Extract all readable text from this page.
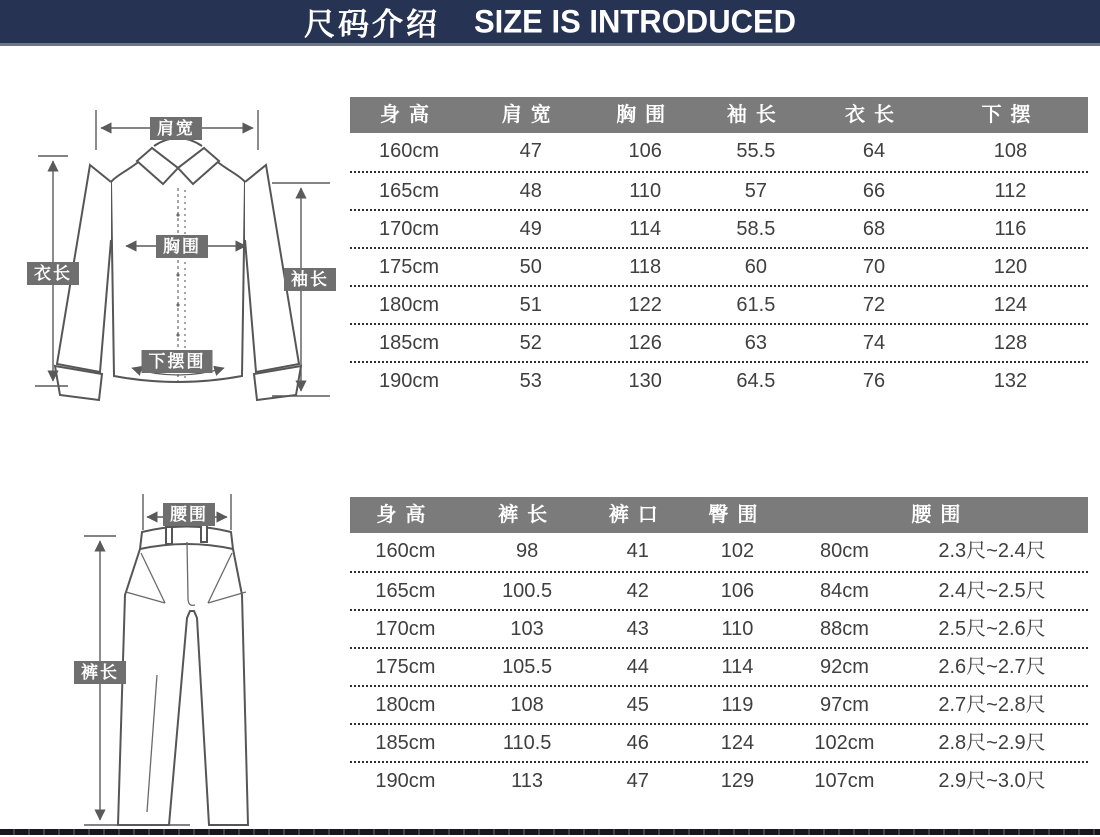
尺码介绍 SIZE IS INTRODUCED
肩宽
胸围
衣长	袖长
下摆围
身高	肩宽	胸围	袖长	衣长	下摆
160cm	47	106	55.5	64	108
165cm	48	110	57	66	112
170cm	49	114	58.5	68	116
175cm	50	118	60	70	120
180cm	51	122	61.5	72	124
185cm	52	126	63	74	128
190cm	53	130	64.5	76	132
腰围
裤长
身高	裤长	裤口	臀围	腰围
160cm	98	41	102	80cm	2.3尺~2.4尺
165cm	100.5	42	106	84cm	2.4尺~2.5尺
170cm	103	43	110	88cm	2.5尺~2.6尺
175cm	105.5	44	114	92cm	2.6尺~2.7尺
180cm	108	45	119	97cm	2.7尺~2.8尺
185cm	110.5	46	124	102cm	2.8尺~2.9尺
190cm	113	47	129	107cm	2.9尺~3.0尺
